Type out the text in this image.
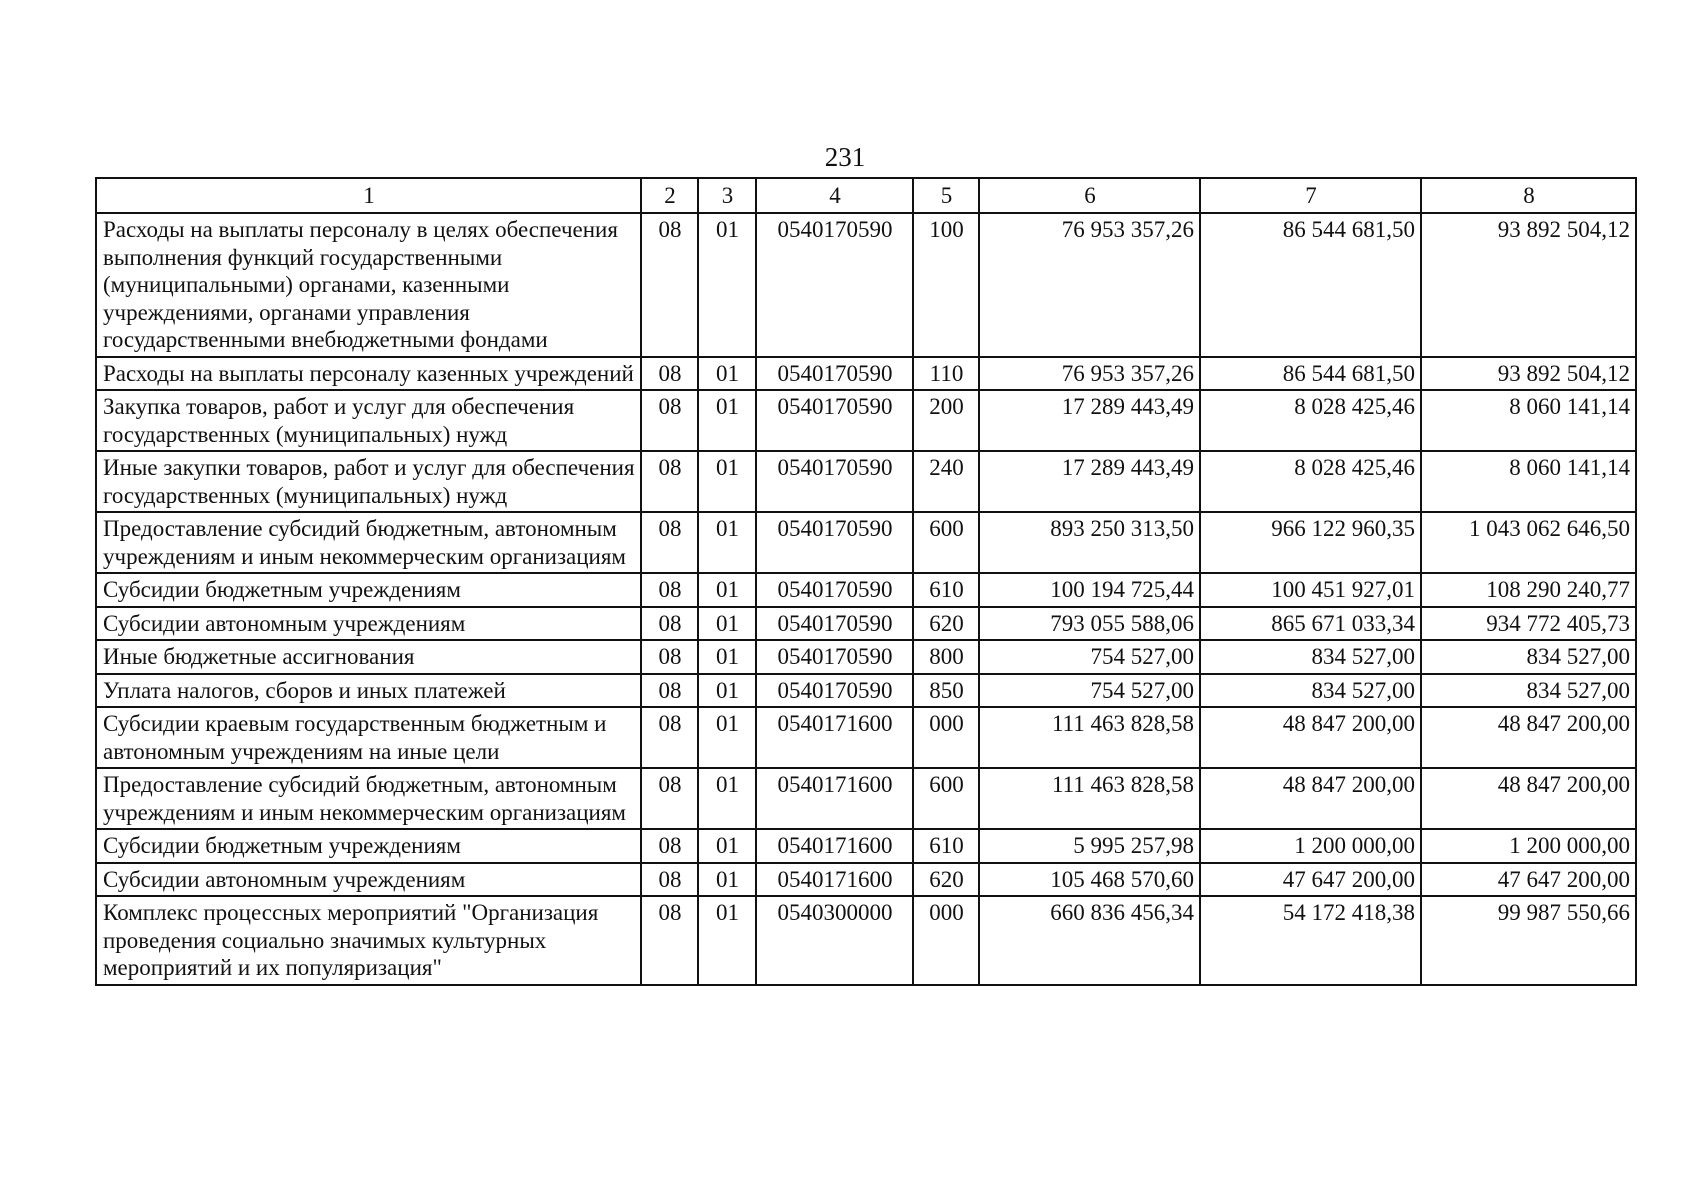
231
1	2	3	4	5	6	7	8
Расходы на выплаты персоналу в целях обеспечения выполнения функций государственными (муниципальными) органами, казенными учреждениями, органами управления государственными внебюджетными фондами	08	01	0540170590	100	76 953 357,26	86 544 681,50	93 892 504,12
Расходы на выплаты персоналу казенных учреждений	08	01	0540170590	110	76 953 357,26	86 544 681,50	93 892 504,12
Закупка товаров, работ и услуг для обеспечения государственных (муниципальных) нужд	08	01	0540170590	200	17 289 443,49	8 028 425,46	8 060 141,14
Иные закупки товаров, работ и услуг для обеспечения государственных (муниципальных) нужд	08	01	0540170590	240	17 289 443,49	8 028 425,46	8 060 141,14
Предоставление субсидий бюджетным, автономным учреждениям и иным некоммерческим организациям	08	01	0540170590	600	893 250 313,50	966 122 960,35	1 043 062 646,50
Субсидии бюджетным учреждениям	08	01	0540170590	610	100 194 725,44	100 451 927,01	108 290 240,77
Субсидии автономным учреждениям	08	01	0540170590	620	793 055 588,06	865 671 033,34	934 772 405,73
Иные бюджетные ассигнования	08	01	0540170590	800	754 527,00	834 527,00	834 527,00
Уплата налогов, сборов и иных платежей	08	01	0540170590	850	754 527,00	834 527,00	834 527,00
Субсидии краевым государственным бюджетным и автономным учреждениям на иные цели	08	01	0540171600	000	111 463 828,58	48 847 200,00	48 847 200,00
Предоставление субсидий бюджетным, автономным учреждениям и иным некоммерческим организациям	08	01	0540171600	600	111 463 828,58	48 847 200,00	48 847 200,00
Субсидии бюджетным учреждениям	08	01	0540171600	610	5 995 257,98	1 200 000,00	1 200 000,00
Субсидии автономным учреждениям	08	01	0540171600	620	105 468 570,60	47 647 200,00	47 647 200,00
Комплекс процессных мероприятий "Организация проведения социально значимых культурных мероприятий и их популяризация"	08	01	0540300000	000	660 836 456,34	54 172 418,38	99 987 550,66
